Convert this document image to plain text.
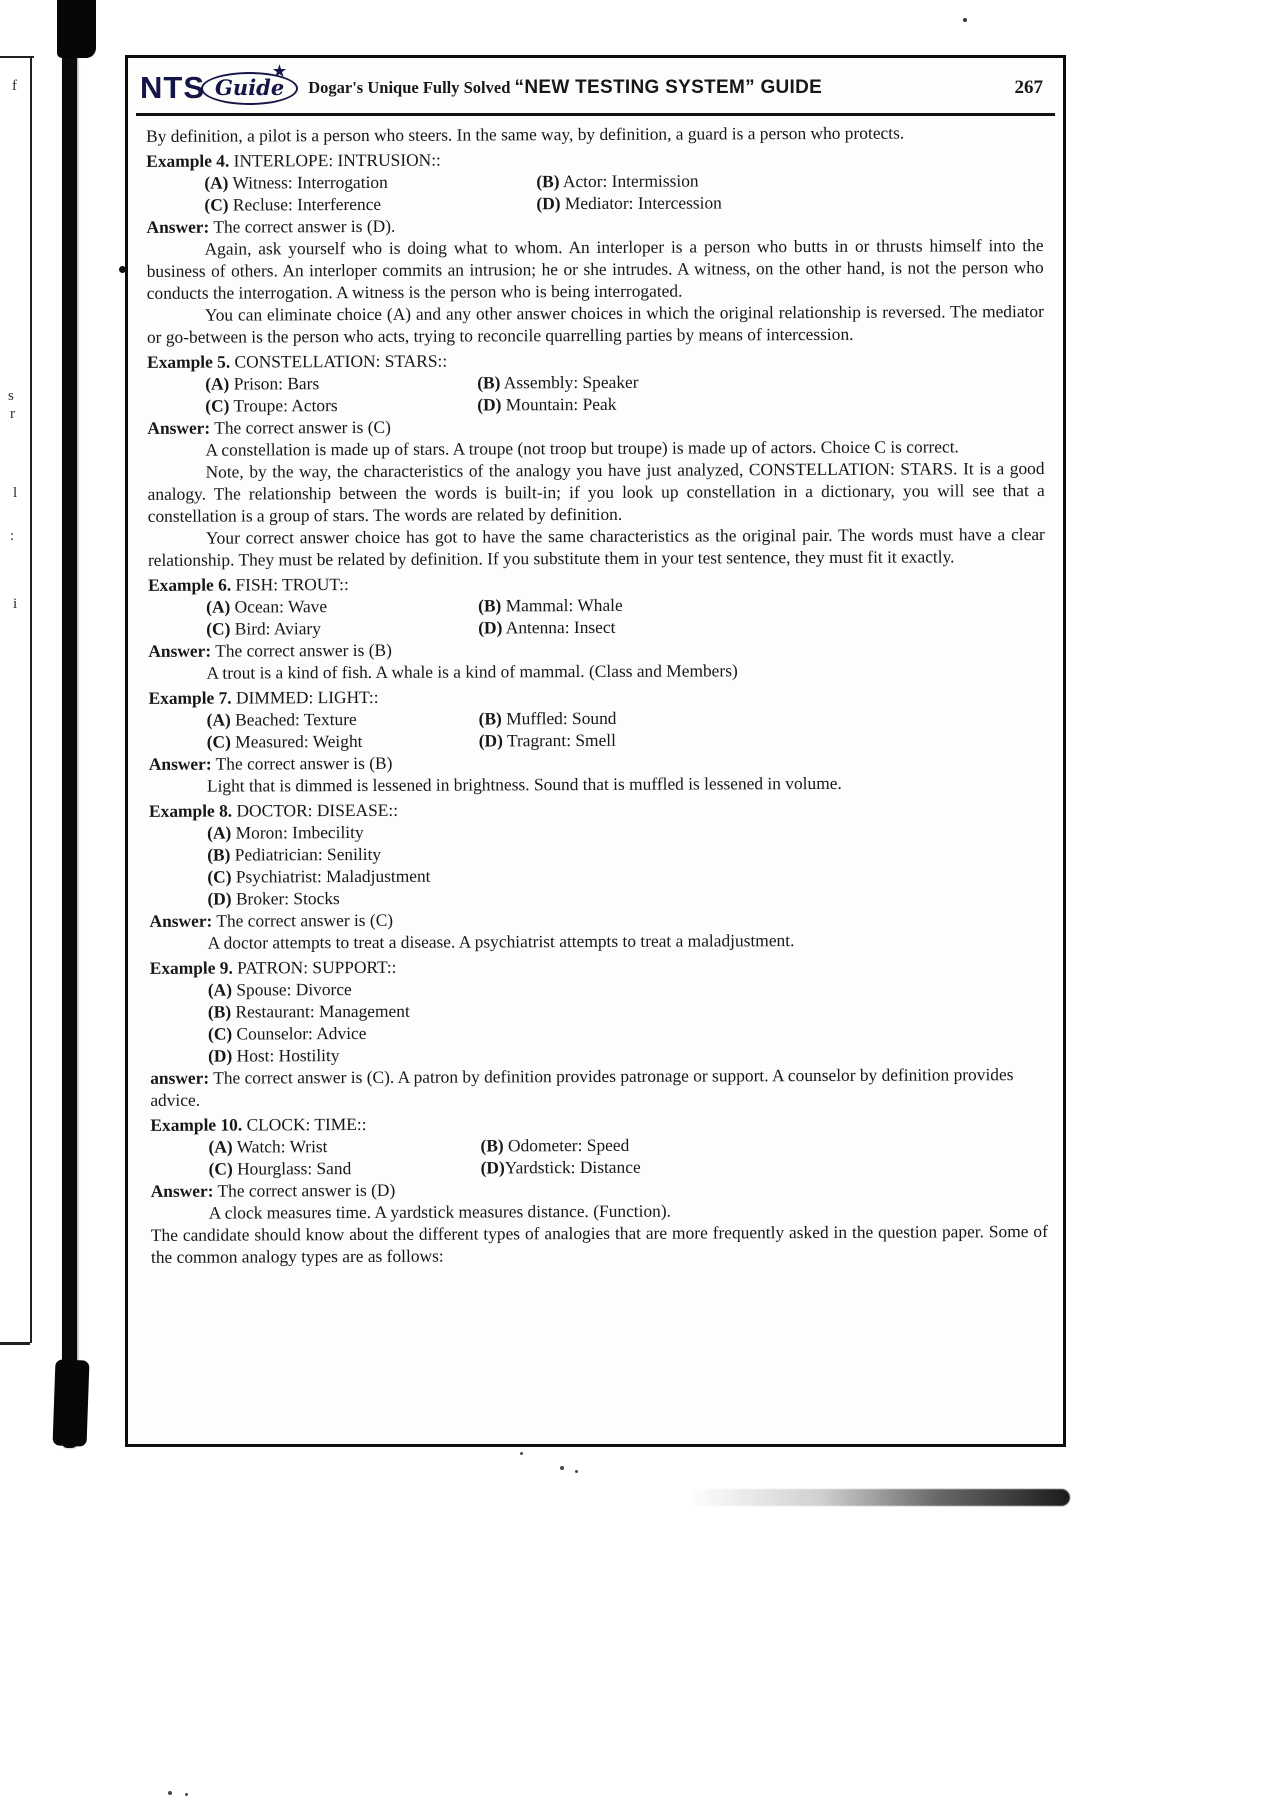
f
s
r
l
:
i
NTS	★
Guide	Dogar's Unique Fully Solved “NEW TESTING SYSTEM” GUIDE	267

By definition, a pilot is a person who steers. In the same way, by definition, a guard is a person who protects.

Example 4. INTERLOPE: INTRUSION::

(A) Witness: Interrogation	(B) Actor: Intermission
(C) Recluse: Interference	(D) Mediator: Intercession

Answer: The correct answer is (D).

Again, ask yourself who is doing what to whom. An interloper is a person who butts in or thrusts himself into the business of others. An interloper commits an intrusion; he or she intrudes. A witness, on the other hand, is not the person who conducts the interrogation. A witness is the person who is being interrogated.

You can eliminate choice (A) and any other answer choices in which the original relationship is reversed. The mediator or go-between is the person who acts, trying to reconcile quarrelling parties by means of intercession.

Example 5. CONSTELLATION: STARS::

(A) Prison: Bars	(B) Assembly: Speaker
(C) Troupe: Actors	(D) Mountain: Peak

Answer: The correct answer is (C)

A constellation is made up of stars. A troupe (not troop but troupe) is made up of actors. Choice C is correct.

Note, by the way, the characteristics of the analogy you have just analyzed, CONSTELLATION: STARS. It is a good analogy. The relationship between the words is built-in; if you look up constellation in a dictionary, you will see that a constellation is a group of stars. The words are related by definition.

Your correct answer choice has got to have the same characteristics as the original pair. The words must have a clear relationship. They must be related by definition. If you substitute them in your test sentence, they must fit it exactly.

Example 6. FISH: TROUT::

(A) Ocean: Wave	(B) Mammal: Whale
(C) Bird: Aviary	(D) Antenna: Insect

Answer: The correct answer is (B)

A trout is a kind of fish. A whale is a kind of mammal. (Class and Members)

Example 7. DIMMED: LIGHT::

(A) Beached: Texture	(B) Muffled: Sound
(C) Measured: Weight	(D) Tragrant: Smell

Answer: The correct answer is (B)

Light that is dimmed is lessened in brightness. Sound that is muffled is lessened in volume.

Example 8. DOCTOR: DISEASE::

(A) Moron: Imbecility
(B) Pediatrician: Senility
(C) Psychiatrist: Maladjustment
(D) Broker: Stocks

Answer: The correct answer is (C)

A doctor attempts to treat a disease. A psychiatrist attempts to treat a maladjustment.

Example 9. PATRON: SUPPORT::

(A) Spouse: Divorce
(B) Restaurant: Management
(C) Counselor: Advice
(D) Host: Hostility

answer: The correct answer is (C). A patron by definition provides patronage or support. A counselor by definition provides advice.

Example 10. CLOCK: TIME::

(A) Watch: Wrist	(B) Odometer: Speed
(C) Hourglass: Sand	(D)Yardstick: Distance

Answer: The correct answer is (D)

A clock measures time. A yardstick measures distance. (Function).

The candidate should know about the different types of analogies that are more frequently asked in the question paper. Some of the common analogy types are as follows:
